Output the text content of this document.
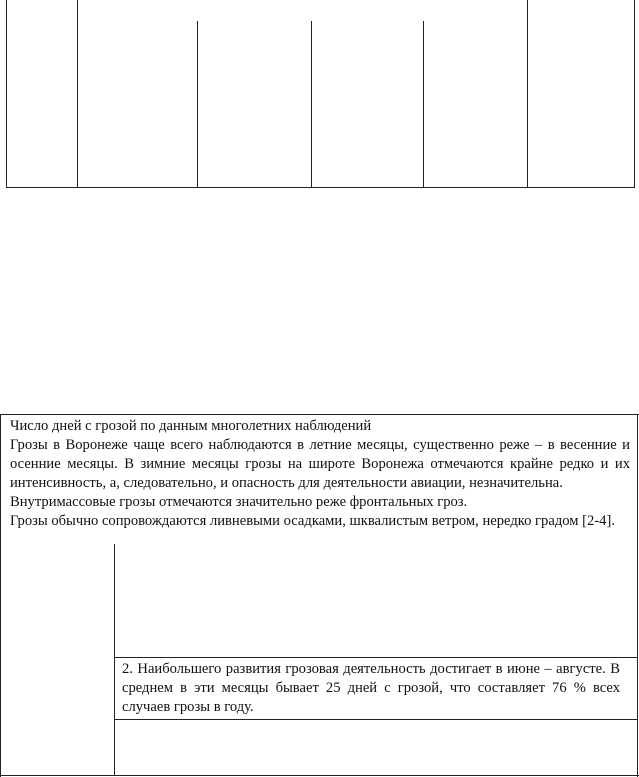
Число дней с грозой по данным многолетних наблюдений

Грозы в Воронеже чаще всего наблюдаются в летние месяцы, существенно реже – в весенние и осенние месяцы. В зимние месяцы грозы на широте Воронежа отмечаются крайне редко и их интенсивность, а, следовательно, и опасность для деятельности авиации, незначительна.

Внутримассовые грозы отмечаются значительно реже фронтальных гроз.

Грозы обычно сопровождаются ливневыми осадками, шквалистым ветром, нередко градом [2-4].

2. Наибольшего развития грозовая деятельность достигает в июне – августе. В среднем в эти месяцы бывает 25 дней с грозой, что составляет 76 % всех случаев грозы в году.
